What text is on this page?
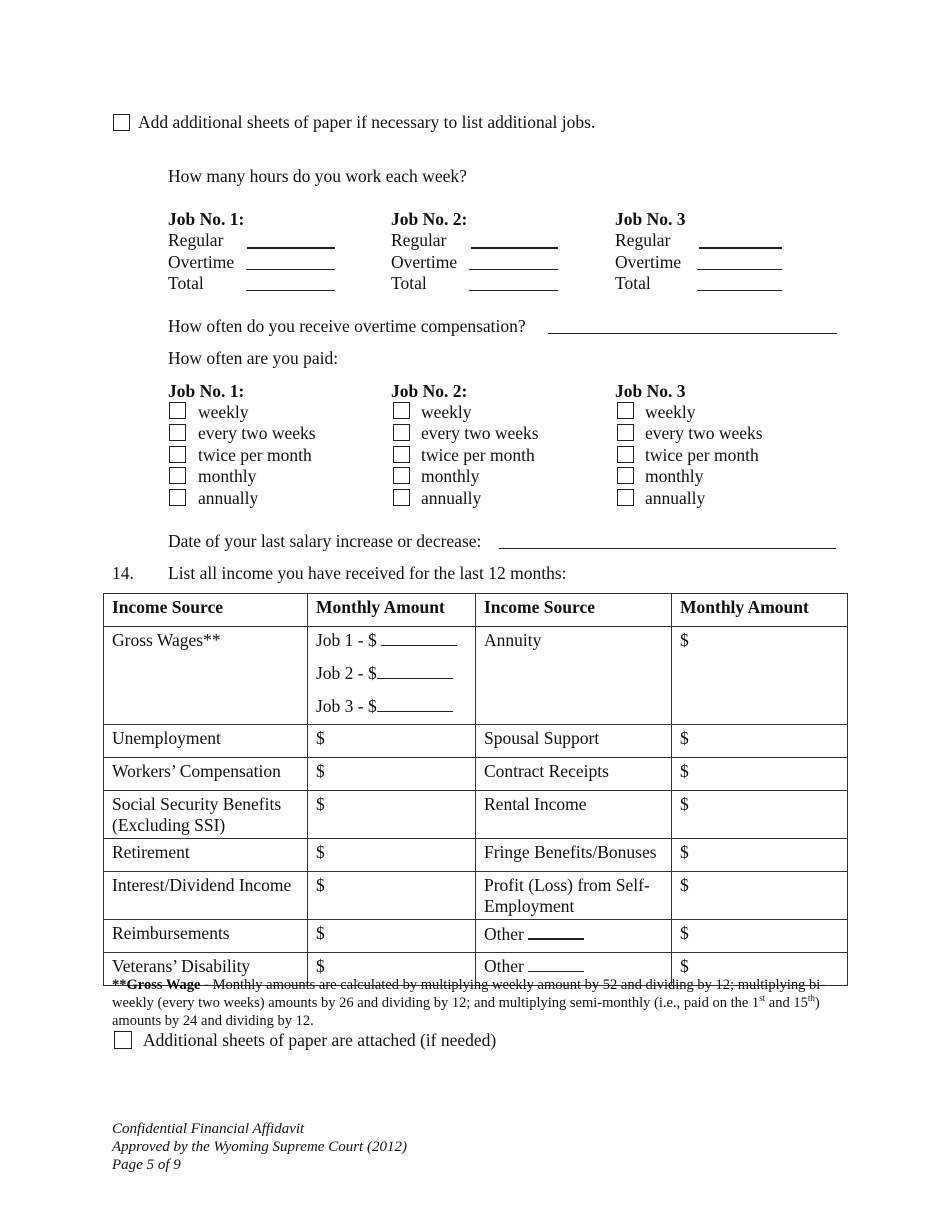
Add additional sheets of paper if necessary to list additional jobs.
How many hours do you work each week?
Job No. 1:
Regular
Overtime
Total
Job No. 2:
Regular
Overtime
Total
Job No. 3
Regular
Overtime
Total
How often do you receive overtime compensation?
How often are you paid:
Job No. 1:
weekly
every two weeks
twice per month
monthly
annually
Job No. 2:
weekly
every two weeks
twice per month
monthly
annually
Job No. 3
weekly
every two weeks
twice per month
monthly
annually
Date of your last salary increase or decrease:
14. List all income you have received for the last 12 months:
Income Source	Monthly Amount	Income Source	Monthly Amount
Gross Wages**	Job 1 - $
Job 2 - $
Job 3 - $	Annuity	$
Unemployment	$	Spousal Support	$
Workers’ Compensation	$	Contract Receipts	$
Social Security Benefits (Excluding SSI)	$	Rental Income	$
Retirement	$	Fringe Benefits/Bonuses	$
Interest/Dividend Income	$	Profit (Loss) from Self-Employment	$
Reimbursements	$	Other	$
Veterans’ Disability	$	Other	$
**Gross Wage - Monthly amounts are calculated by multiplying weekly amount by 52 and dividing by 12; multiplying bi-weekly (every two weeks) amounts by 26 and dividing by 12; and multiplying semi-monthly (i.e., paid on the 1st and 15th) amounts by 24 and dividing by 12.
Additional sheets of paper are attached (if needed)
Confidential Financial Affidavit
Approved by the Wyoming Supreme Court (2012)
Page 5 of 9
